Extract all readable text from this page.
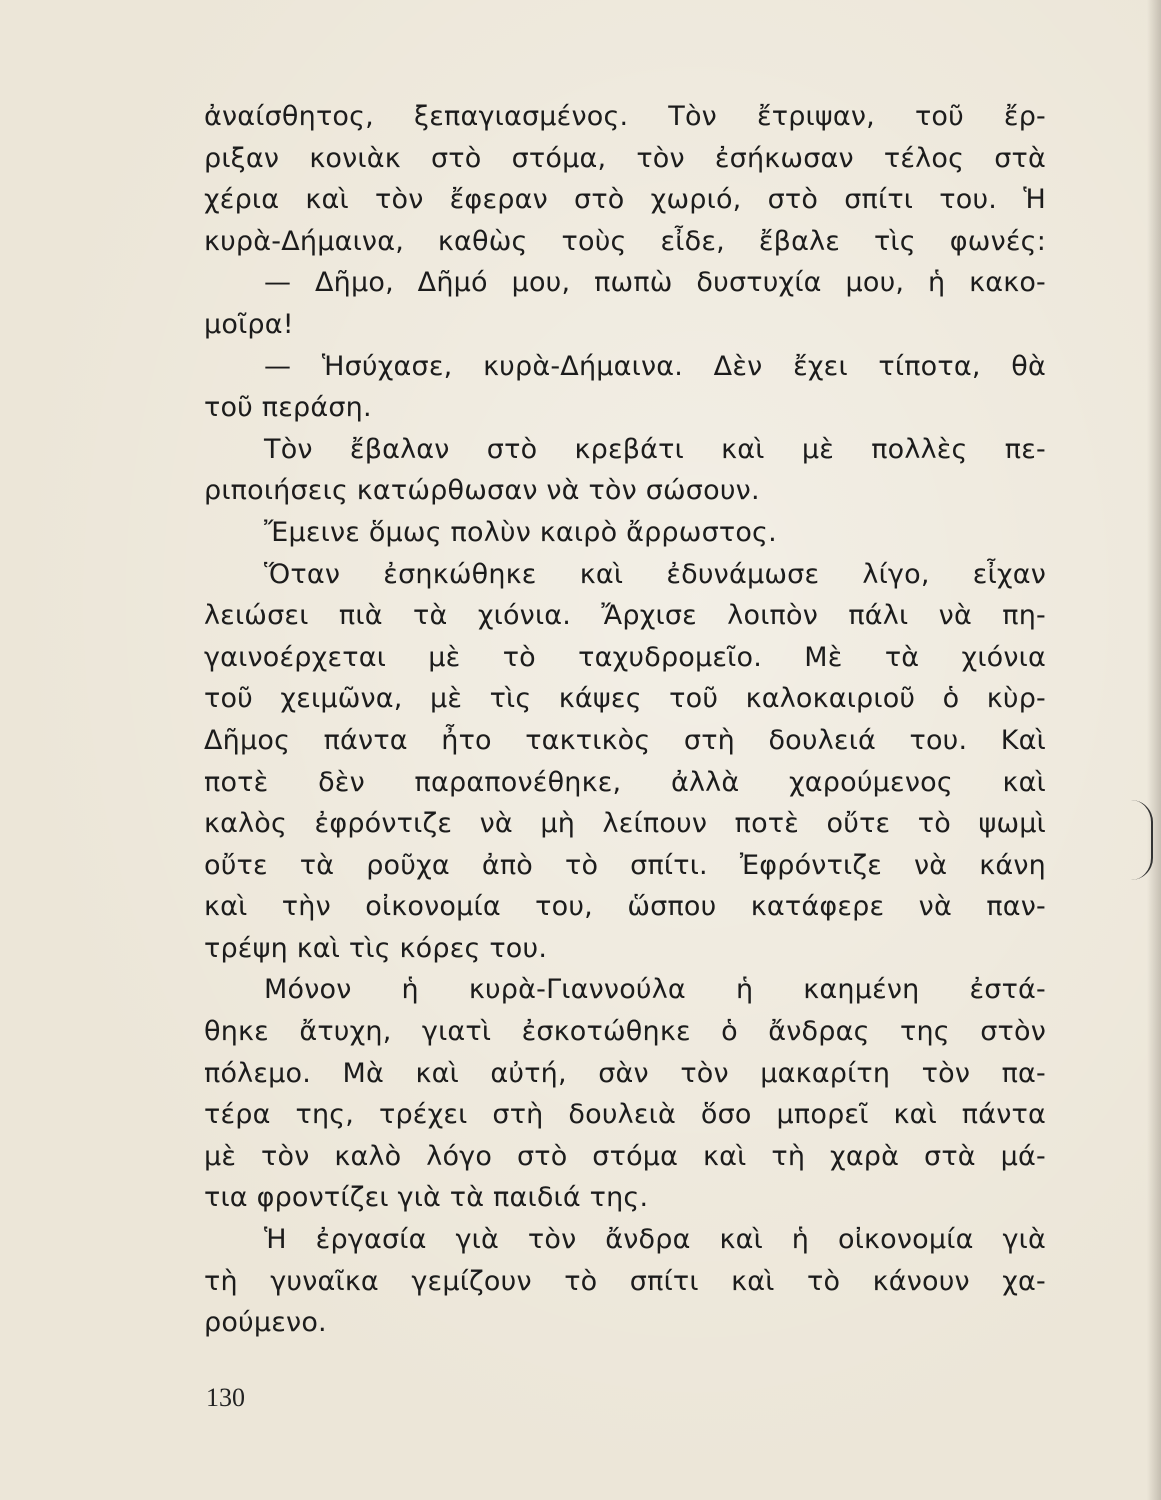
ἀναίσθητος, ξεπαγιασμένος. Τὸν ἔτριψαν, τοῦ ἔρ-
ριξαν κονιὰκ στὸ στόμα, τὸν ἐσήκωσαν τέλος στὰ
χέρια καὶ τὸν ἔφεραν στὸ χωριό, στὸ σπίτι του. Ἡ
κυρὰ-Δήμαινα, καθὼς τοὺς εἶδε, ἔβαλε τὶς φωνές:
— Δῆμο, Δῆμό μου, πωπὼ δυστυχία μου, ἡ κακο-
μοῖρα!
— Ἡσύχασε, κυρὰ-Δήμαινα. Δὲν ἔχει τίποτα, θὰ
τοῦ περάση.
Τὸν ἔβαλαν στὸ κρεβάτι καὶ μὲ πολλὲς πε-
ριποιήσεις κατώρθωσαν νὰ τὸν σώσουν.
Ἔμεινε ὅμως πολὺν καιρὸ ἄρρωστος.
Ὅταν ἐσηκώθηκε καὶ ἐδυνάμωσε λίγο, εἶχαν
λειώσει πιὰ τὰ χιόνια. Ἄρχισε λοιπὸν πάλι νὰ πη-
γαινοέρχεται μὲ τὸ ταχυδρομεῖο. Μὲ τὰ χιόνια
τοῦ χειμῶνα, μὲ τὶς κάψες τοῦ καλοκαιριοῦ ὁ κὺρ-
Δῆμος πάντα ἦτο τακτικὸς στὴ δουλειά του. Καὶ
ποτὲ δὲν παραπονέθηκε, ἀλλὰ χαρούμενος καὶ
καλὸς ἐφρόντιζε νὰ μὴ λείπουν ποτὲ οὔτε τὸ ψωμὶ
οὔτε τὰ ροῦχα ἀπὸ τὸ σπίτι. Ἐφρόντιζε νὰ κάνη
καὶ τὴν οἰκονομία του, ὥσπου κατάφερε νὰ παν-
τρέψη καὶ τὶς κόρες του.
Μόνον ἡ κυρὰ-Γιαννούλα ἡ καημένη ἐστά-
θηκε ἄτυχη, γιατὶ ἐσκοτώθηκε ὁ ἄνδρας της στὸν
πόλεμο. Μὰ καὶ αὐτή, σὰν τὸν μακαρίτη τὸν πα-
τέρα της, τρέχει στὴ δουλειὰ ὅσο μπορεῖ καὶ πάντα
μὲ τὸν καλὸ λόγο στὸ στόμα καὶ τὴ χαρὰ στὰ μά-
τια φροντίζει γιὰ τὰ παιδιά της.
Ἡ ἐργασία γιὰ τὸν ἄνδρα καὶ ἡ οἰκονομία γιὰ
τὴ γυναῖκα γεμίζουν τὸ σπίτι καὶ τὸ κάνουν χα-
ρούμενο.
130
